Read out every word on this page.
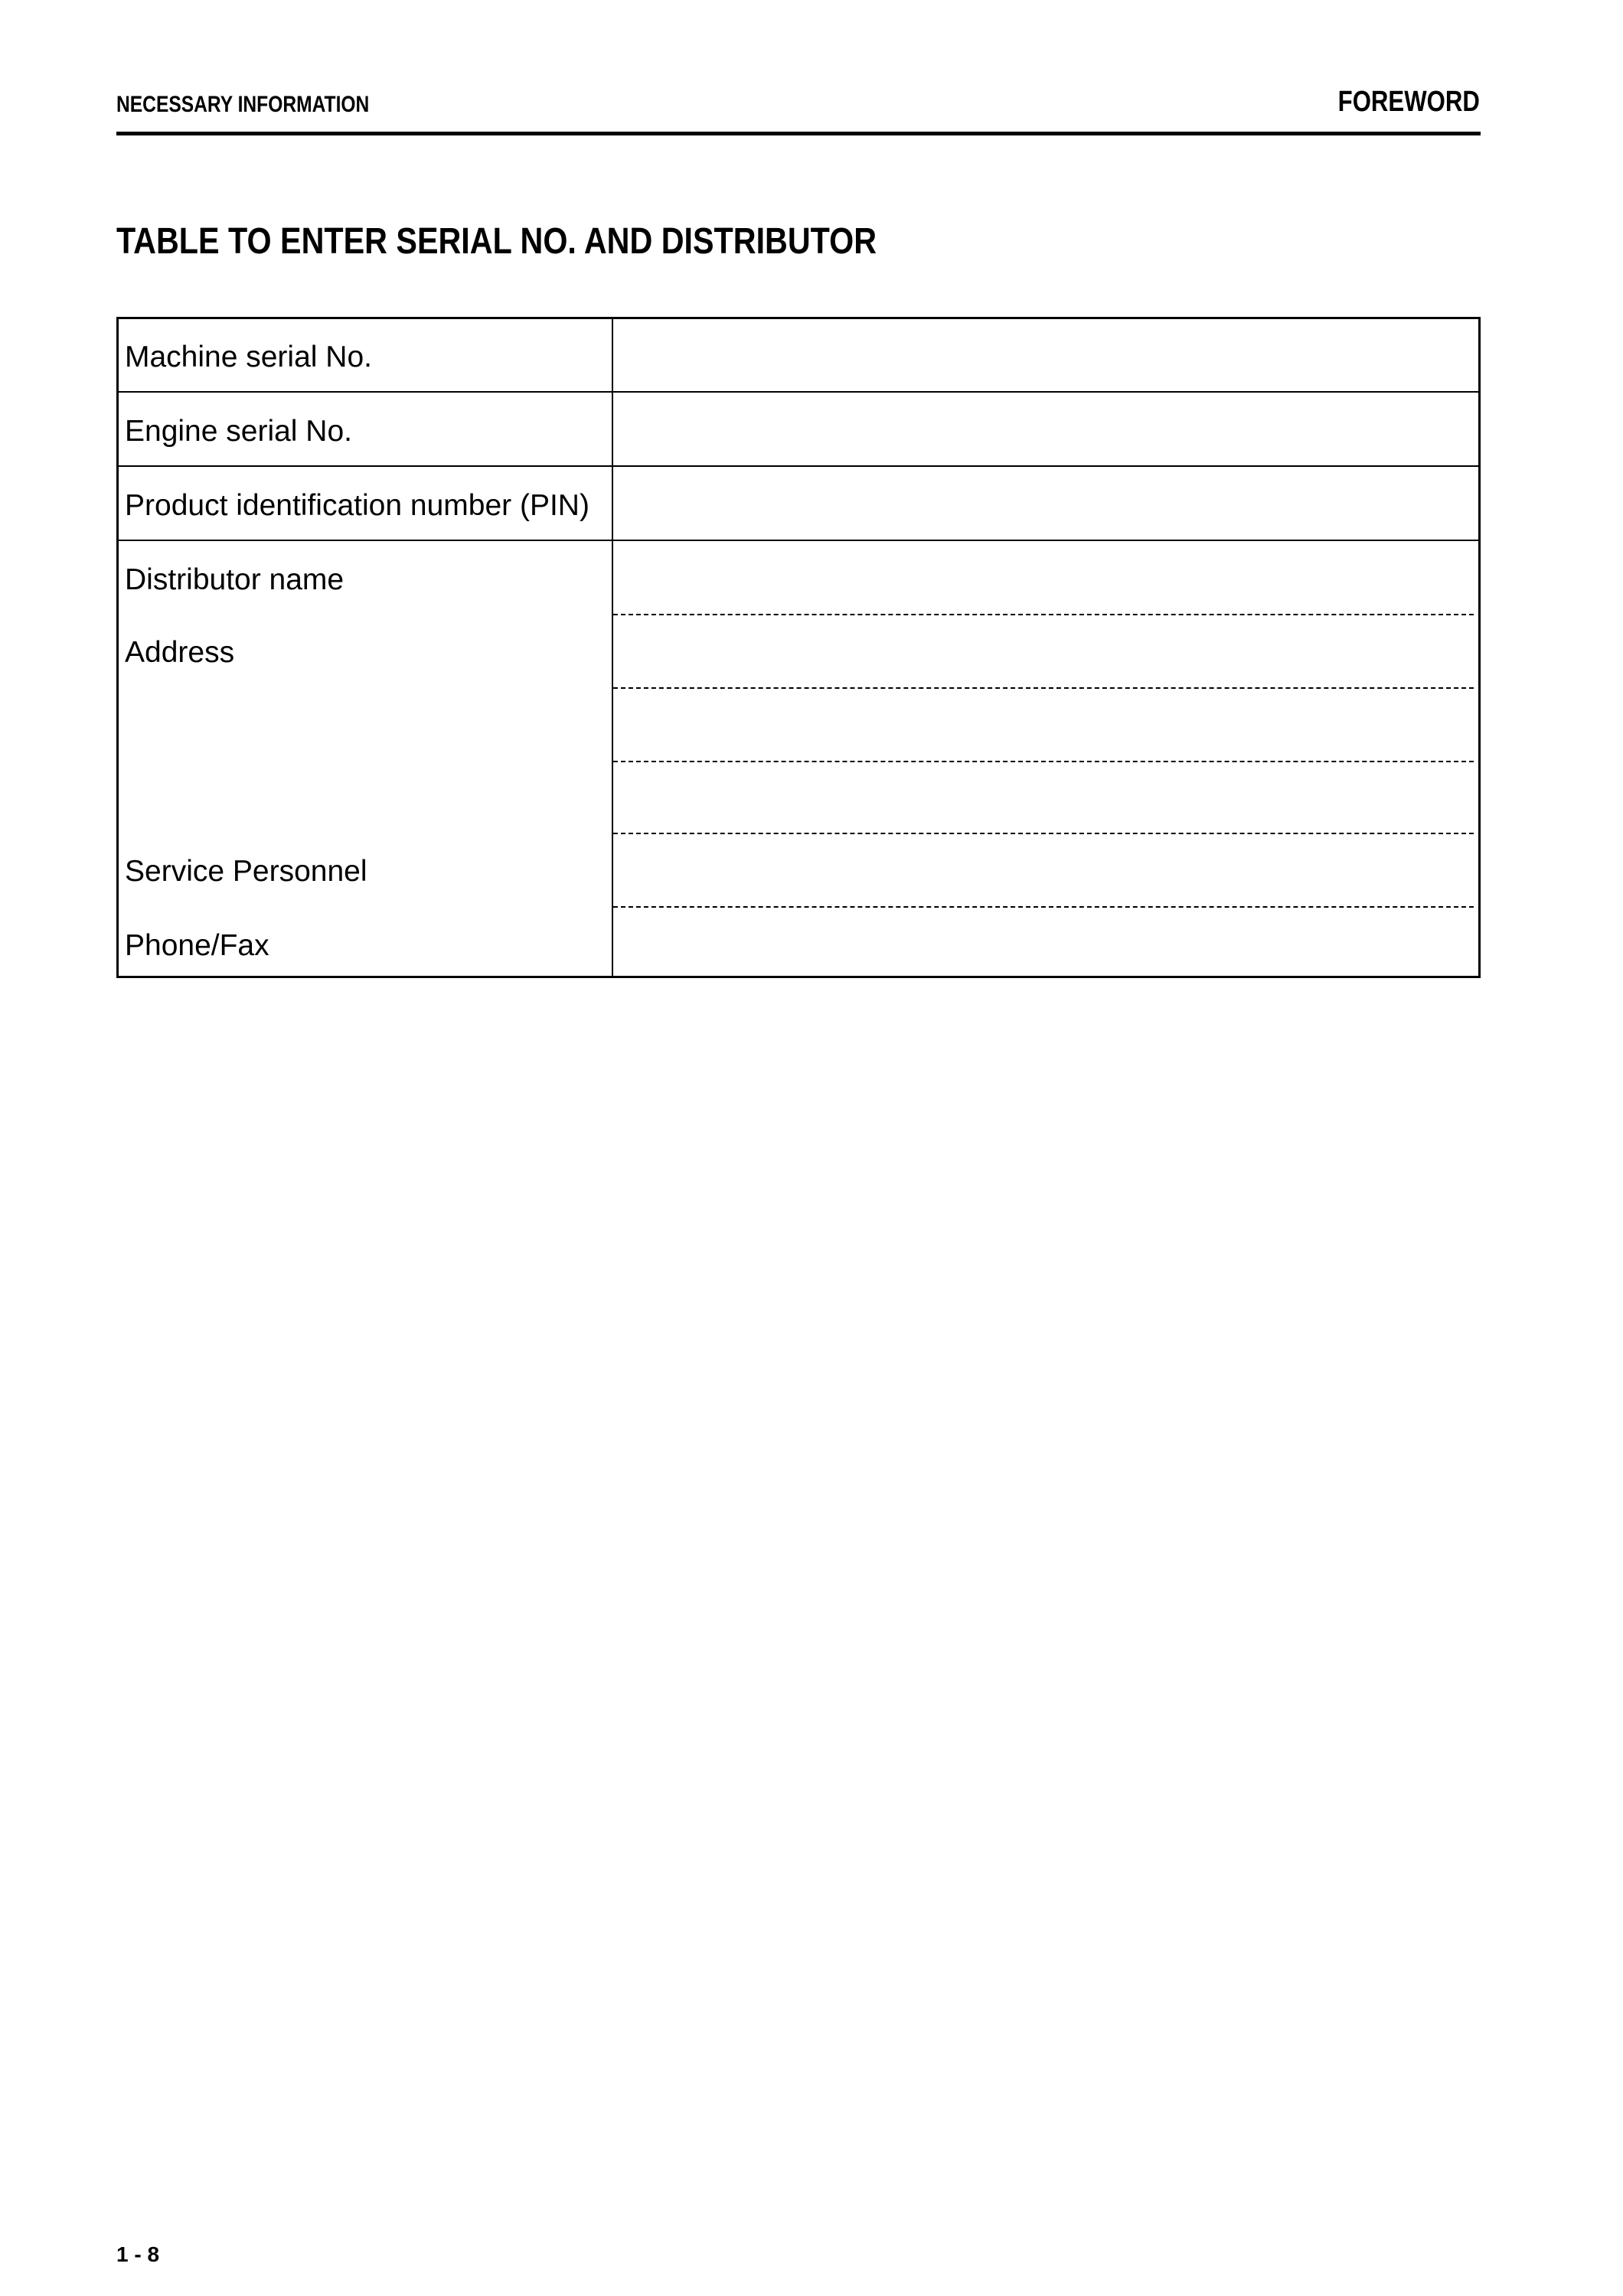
NECESSARY INFORMATION	FOREWORD
TABLE TO ENTER SERIAL NO. AND DISTRIBUTOR
Machine serial No.
Engine serial No.
Product identification number (PIN)
Distributor name
Address
Service Personnel
Phone/Fax
1 - 8
